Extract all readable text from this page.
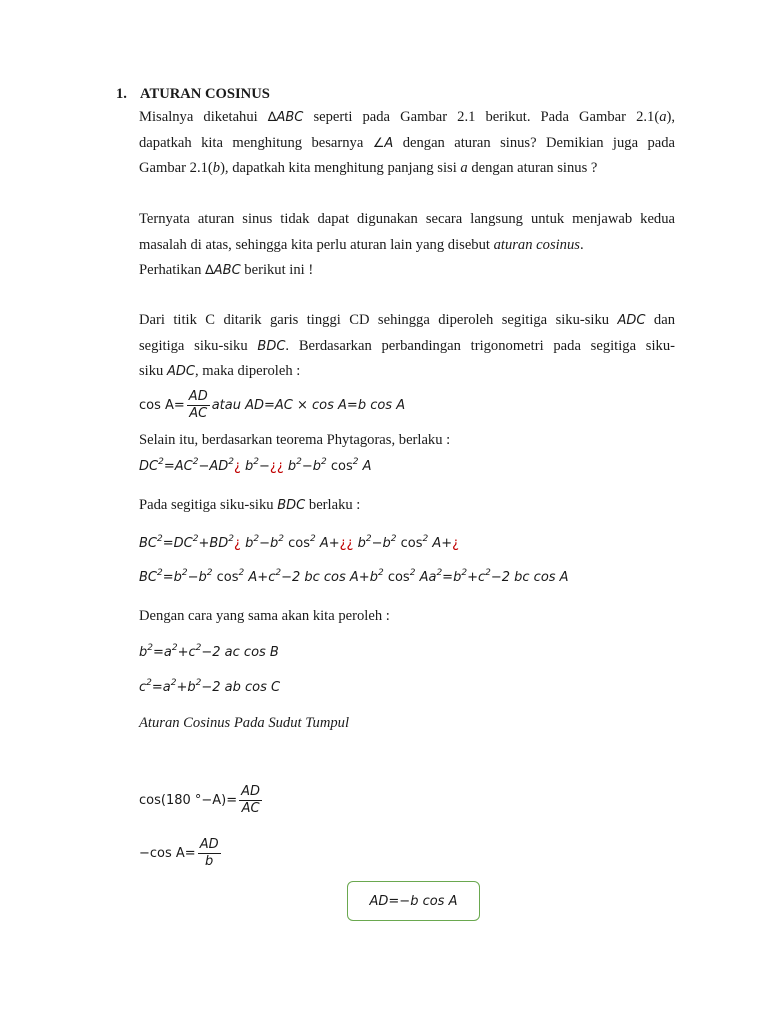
1. ATURAN COSINUS
Misalnya diketahui ∆ABC seperti pada Gambar 2.1 berikut. Pada Gambar 2.1(a),
dapatkah kita menghitung besarnya ∠A dengan aturan sinus? Demikian juga pada
Gambar 2.1(b), dapatkah kita menghitung panjang sisi a dengan aturan sinus ?
Ternyata aturan sinus tidak dapat digunakan secara langsung untuk menjawab kedua
masalah di atas, sehingga kita perlu aturan lain yang disebut aturan cosinus.
Perhatikan ∆ABC berikut ini !
Dari titik C ditarik garis tinggi CD sehingga diperoleh segitiga siku-siku ADC dan
segitiga siku-siku BDC. Berdasarkan perbandingan trigonometri pada segitiga siku-
siku ADC, maka diperoleh :
$\cos A= \frac{AD}{AC}$ atau AD=AC × cos A=b cos A
Selain itu, berdasarkan teorema Phytagoras, berlaku :
$DC^2=AC^2-AD^2¿$ $b^2-¿¿$ $b^2-b^2$ $\cos^2 A$
Pada segitiga siku-siku BDC berlaku :
$BC^2=DC^2+BD^2¿$ $b^2-b^2$ $\cos^2$ A+¿¿ $b^2-b^2$ $\cos^2$ A+¿
$BC^2=b^2-b^2$ $\cos^2 A+c^2-2$ bc $\cos A+b^2$ $\cos^2 Aa^2=b^2+c^2-2$ bc cos A
Dengan cara yang sama akan kita peroleh :
$b^2=a^2+c^2-2$ ac cos B
$c^2=a^2+b^2-2$ ab cos C
Aturan Cosinus Pada Sudut Tumpul
cos(180 $^\circ-A)= \frac{AD}{AC}$
−cos $A= \frac{AD}{b}$
AD=−b cos A
